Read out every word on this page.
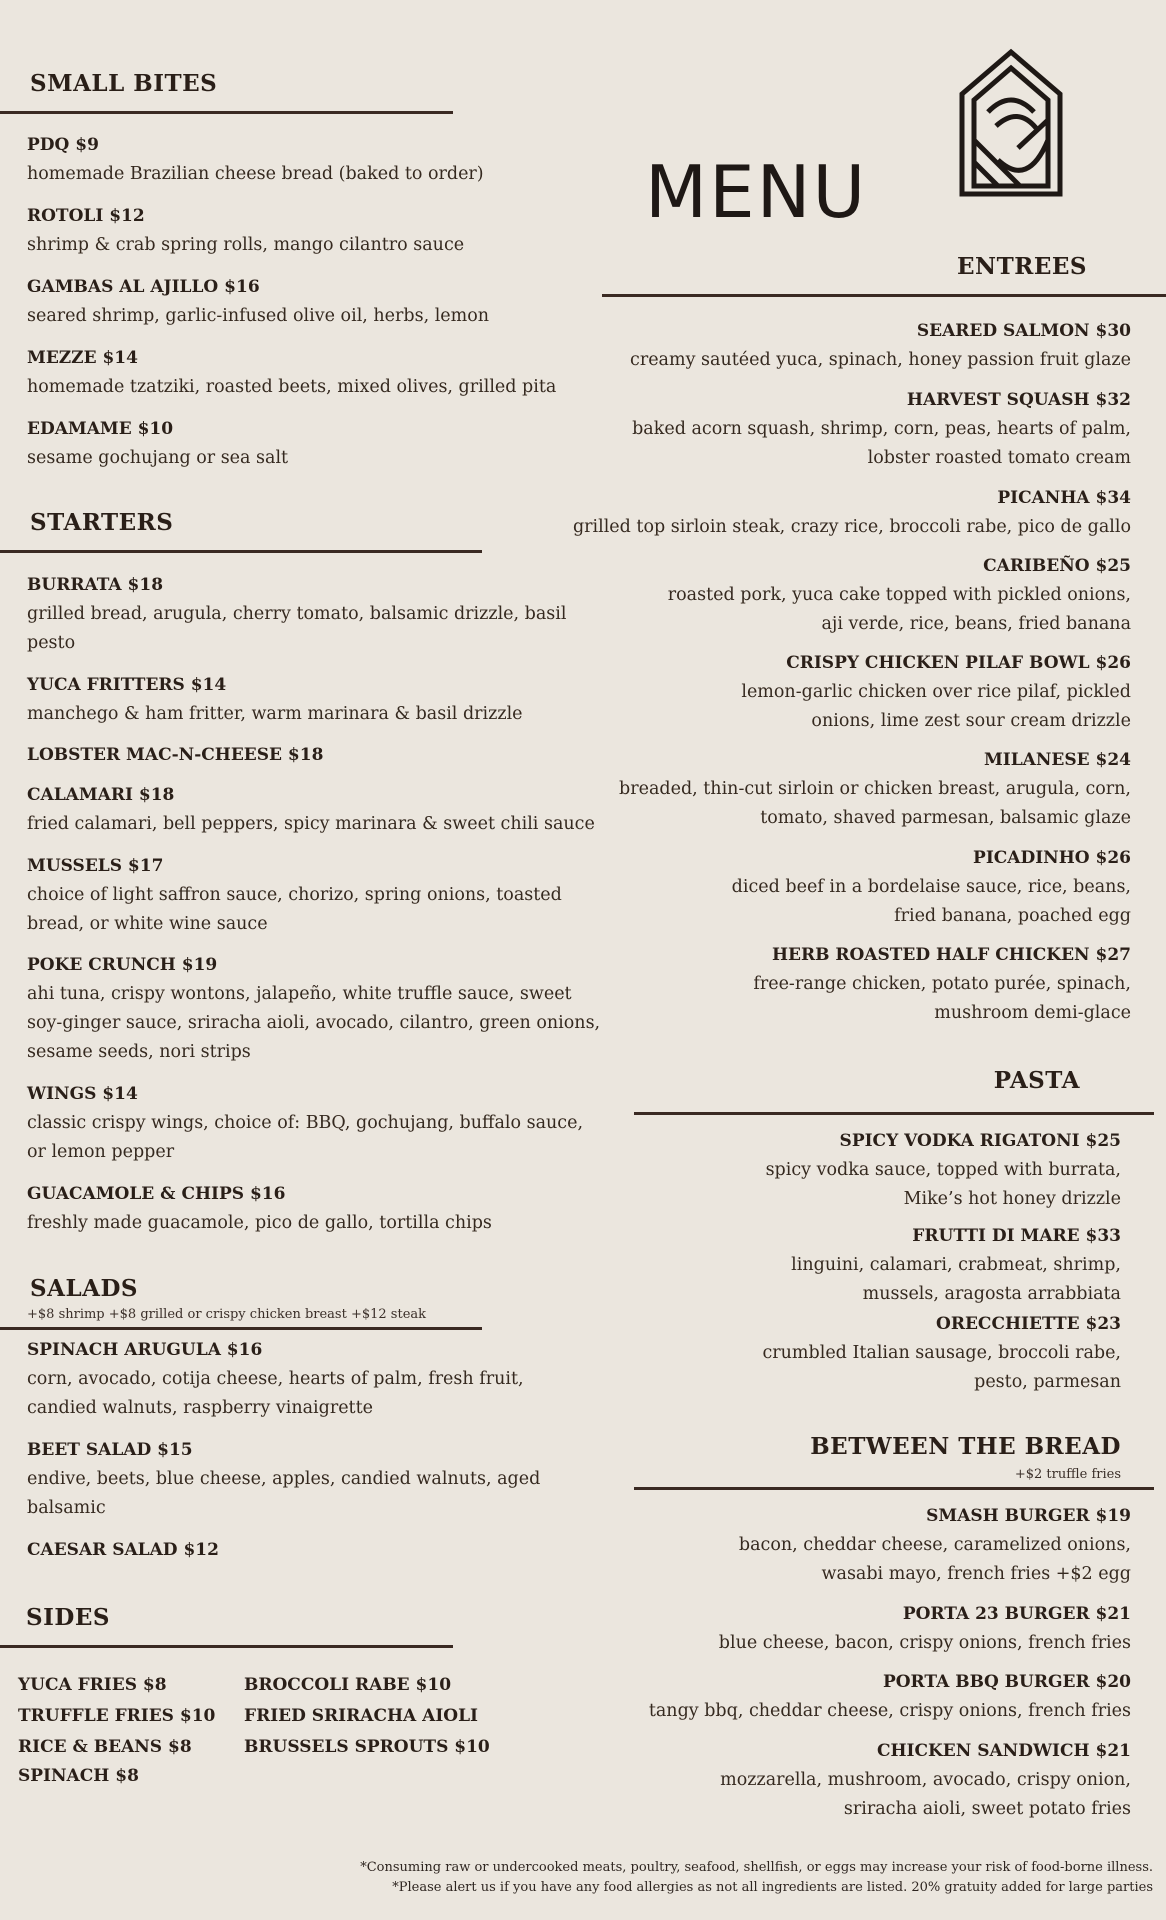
SMALL BITES
PDQ $9
homemade Brazilian cheese bread (baked to order)
ROTOLI $12
shrimp & crab spring rolls, mango cilantro sauce
GAMBAS AL AJILLO $16
seared shrimp, garlic-infused olive oil, herbs, lemon
MEZZE $14
homemade tzatziki, roasted beets, mixed olives, grilled pita
EDAMAME $10
sesame gochujang or sea salt
STARTERS
BURRATA $18
grilled bread, arugula, cherry tomato, balsamic drizzle, basil
pesto
YUCA FRITTERS $14
manchego & ham fritter, warm marinara & basil drizzle
LOBSTER MAC-N-CHEESE $18
CALAMARI $18
fried calamari, bell peppers, spicy marinara & sweet chili sauce
MUSSELS $17
choice of light saffron sauce, chorizo, spring onions, toasted
bread, or white wine sauce
POKE CRUNCH $19
ahi tuna, crispy wontons, jalapeño, white truffle sauce, sweet
soy-ginger sauce, sriracha aioli, avocado, cilantro, green onions,
sesame seeds, nori strips
WINGS $14
classic crispy wings, choice of: BBQ, gochujang, buffalo sauce,
or lemon pepper
GUACAMOLE & CHIPS $16
freshly made guacamole, pico de gallo, tortilla chips
SALADS
+$8 shrimp +$8 grilled or crispy chicken breast +$12 steak
SPINACH ARUGULA $16
corn, avocado, cotija cheese, hearts of palm, fresh fruit,
candied walnuts, raspberry vinaigrette
BEET SALAD $15
endive, beets, blue cheese, apples, candied walnuts, aged
balsamic
CAESAR SALAD $12
SIDES
YUCA FRIES $8
TRUFFLE FRIES $10
RICE & BEANS $8
SPINACH $8
BROCCOLI RABE $10
FRIED SRIRACHA AIOLI
BRUSSELS SPROUTS $10
MENU
ENTREES
SEARED SALMON $30
creamy sautéed yuca, spinach, honey passion fruit glaze
HARVEST SQUASH $32
baked acorn squash, shrimp, corn, peas, hearts of palm,
lobster roasted tomato cream
PICANHA $34
grilled top sirloin steak, crazy rice, broccoli rabe, pico de gallo
CARIBEÑO $25
roasted pork, yuca cake topped with pickled onions,
aji verde, rice, beans, fried banana
CRISPY CHICKEN PILAF BOWL $26
lemon-garlic chicken over rice pilaf, pickled
onions, lime zest sour cream drizzle
MILANESE $24
breaded, thin-cut sirloin or chicken breast, arugula, corn,
tomato, shaved parmesan, balsamic glaze
PICADINHO $26
diced beef in a bordelaise sauce, rice, beans,
fried banana, poached egg
HERB ROASTED HALF CHICKEN $27
free-range chicken, potato purée, spinach,
mushroom demi-glace
PASTA
SPICY VODKA RIGATONI $25
spicy vodka sauce, topped with burrata,
Mike’s hot honey drizzle
FRUTTI DI MARE $33
linguini, calamari, crabmeat, shrimp,
mussels, aragosta arrabbiata
ORECCHIETTE $23
crumbled Italian sausage, broccoli rabe,
pesto, parmesan
BETWEEN THE BREAD
+$2 truffle fries
SMASH BURGER $19
bacon, cheddar cheese, caramelized onions,
wasabi mayo, french fries +$2 egg
PORTA 23 BURGER $21
blue cheese, bacon, crispy onions, french fries
PORTA BBQ BURGER $20
tangy bbq, cheddar cheese, crispy onions, french fries
CHICKEN SANDWICH $21
mozzarella, mushroom, avocado, crispy onion,
sriracha aioli, sweet potato fries
*Consuming raw or undercooked meats, poultry, seafood, shellfish, or eggs may increase your risk of food-borne illness.
*Please alert us if you have any food allergies as not all ingredients are listed. 20% gratuity added for large parties
